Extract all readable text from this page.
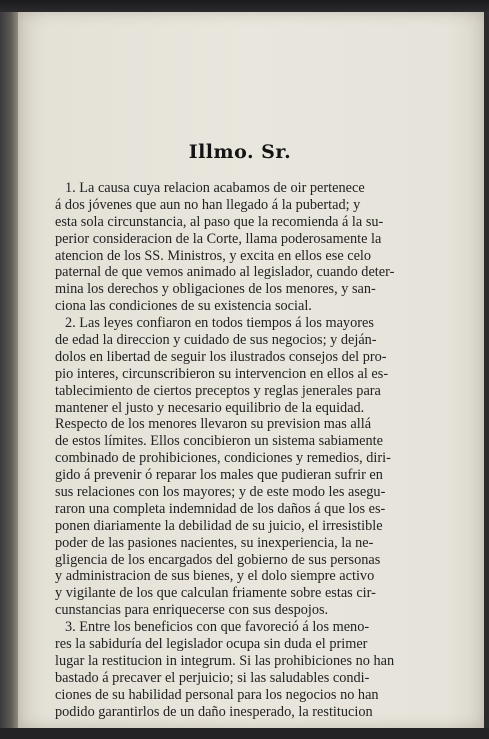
Illmo. Sr.
1. La causa cuya relacion acabamos de oir pertenece
á dos jóvenes que aun no han llegado á la pubertad; y
esta sola circunstancia, al paso que la recomienda á la su-
perior consideracion de la Corte, llama poderosamente la
atencion de los SS. Ministros, y excita en ellos ese celo
paternal de que vemos animado al legislador, cuando deter-
mina los derechos y obligaciones de los menores, y san-
ciona las condiciones de su existencia social.
2. Las leyes confiaron en todos tiempos á los mayores
de edad la direccion y cuidado de sus negocios; y deján-
dolos en libertad de seguir los ilustrados consejos del pro-
pio interes, circunscribieron su intervencion en ellos al es-
tablecimiento de ciertos preceptos y reglas jenerales para
mantener el justo y necesario equilibrio de la equidad.
Respecto de los menores llevaron su prevision mas allá
de estos límites. Ellos concibieron un sistema sabiamente
combinado de prohibiciones, condiciones y remedios, diri-
gido á prevenir ó reparar los males que pudieran sufrir en
sus relaciones con los mayores; y de este modo les asegu-
raron una completa indemnidad de los daños á que los es-
ponen diariamente la debilidad de su juicio, el irresistible
poder de las pasiones nacientes, su inexperiencia, la ne-
gligencia de los encargados del gobierno de sus personas
y administracion de sus bienes, y el dolo siempre activo
y vigilante de los que calculan friamente sobre estas cir-
cunstancias para enriquecerse con sus despojos.
3. Entre los beneficios con que favoreció á los meno-
res la sabiduría del legislador ocupa sin duda el primer
lugar la restitucion in integrum. Si las prohibiciones no han
bastado á precaver el perjuicio; si las saludables condi-
ciones de su habilidad personal para los negocios no han
podido garantirlos de un daño inesperado, la restitucion
